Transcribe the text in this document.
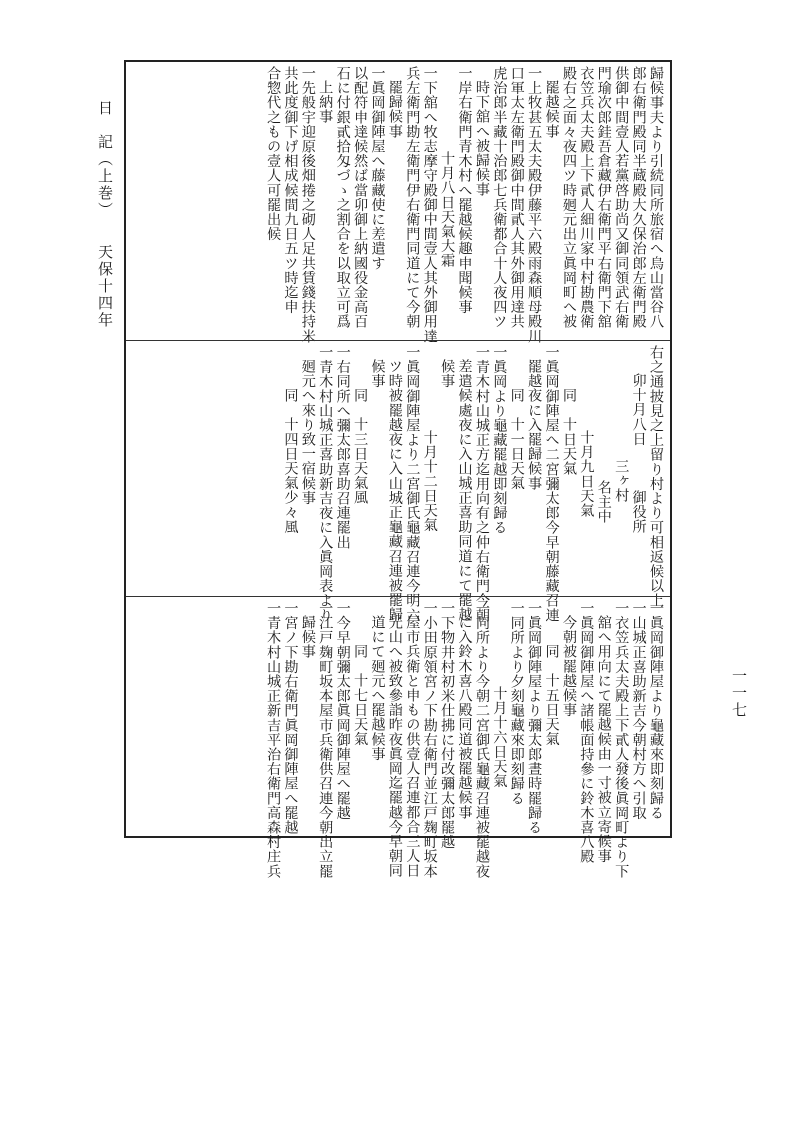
日　記（上巻） 天保十四年	歸候事夫より引続同所旅宿へ烏山當谷八
郎右衛門殿同半蔵殿大久保治郎左衛門殿
供御中間壹人若黨啓助尚又御同領武右衛
門瑜次郎銈吾倉藏伊右衛門平右衛門下舘
衣笠兵太夫殿上下貳人細川家中村勘農衛
殿右之面々夜四ツ時𢌞元出立眞岡町へ被
罷越候事
一上牧甚五太夫殿伊藤平六殿雨森順母殿川
口軍太左衛門殿御中間貳人其外御用達共
虎治郎半藏十治郎七兵衛都合十人夜四ツ
時下舘へ被歸候事
一岸右衛門青木村へ罷越候趣申聞候事
十月八日天氣大霜
一下舘へ牧志摩守殿御中間壹人其外御用達
兵左衛門勘左衛門伊右衛門同道にて今朝
罷歸候事
一眞岡御陣屋へ藤藏使に差遣す
以配符申達候然ば當卯御上納國役金高百
石に付銀貳拾匁づゝ之割合を以取立可爲
上納事
一先般宇迎原後畑捲之砌人足共賃錢扶持米
共此度御下げ相成候間九日五ツ時迄申
合惣代之もの壹人可罷出候
右之通披見之上留り村より可相返候以上
卯十月八日　　　御役所
三ヶ村
名主中
十月九日天氣
同　十日天氣
一眞岡御陣屋へ二宮彌太郎今早朝藤藏召連
罷越夜に入罷歸候事
同　十一日天氣
一眞岡より龜藏罷越即刻歸る
一青木村山城正方迄用向有之仲右衛門今朝
差遣候處夜に入山城正喜助同道にて罷越
候事
十月十二日天氣
一眞岡御陣屋より二宮御氏龜藏召連今明六
ツ時被罷越夜に入山城正龜藏召連被罷歸
候事
同　十三日天氣風
一右同所へ彌太郎喜助召連罷出
一青木村山城正喜助新吉夜に入眞岡表より
𢌞元へ來り致一宿候事
同　十四日天氣少々風
一眞岡御陣屋より龜藏來即刻歸る
一山城正喜助新吉今朝村方へ引取
一衣笠兵太夫殿上下貳人發後眞岡町より下
舘へ用向にて罷越候由一寸被立寄候事
一眞岡御陣屋へ諸帳面持參に鈴木喜八殿
今朝被罷越候事
同　十五日天氣
一眞岡御陣屋より彌太郎晝時罷歸る
一同所より夕刻龜藏來即刻歸る
十月十六日天氣
一同所より今朝二宮御氏龜藏召連被罷越夜
に入鈴木喜八殿同道被罷越候事
一下物井村初米仕拂に付改彌太郎罷越
一小田原領宮ノ下勘右衛門並江戸麹町坂本
屋市兵衛と申もの供壹人召連都合三人日
光山へ被致參詣昨夜眞岡迄罷越今早朝同
道にて𢌞元へ罷越候事
同　十七日天氣
一今早朝彌太郎眞岡御陣屋へ罷越
一江戸麹町坂本屋市兵衛供召連今朝出立罷
歸候事
一宮ノ下勘右衛門眞岡御陣屋へ罷越
一青木村山城正新吉平治右衛門高森村庄兵	一一七
